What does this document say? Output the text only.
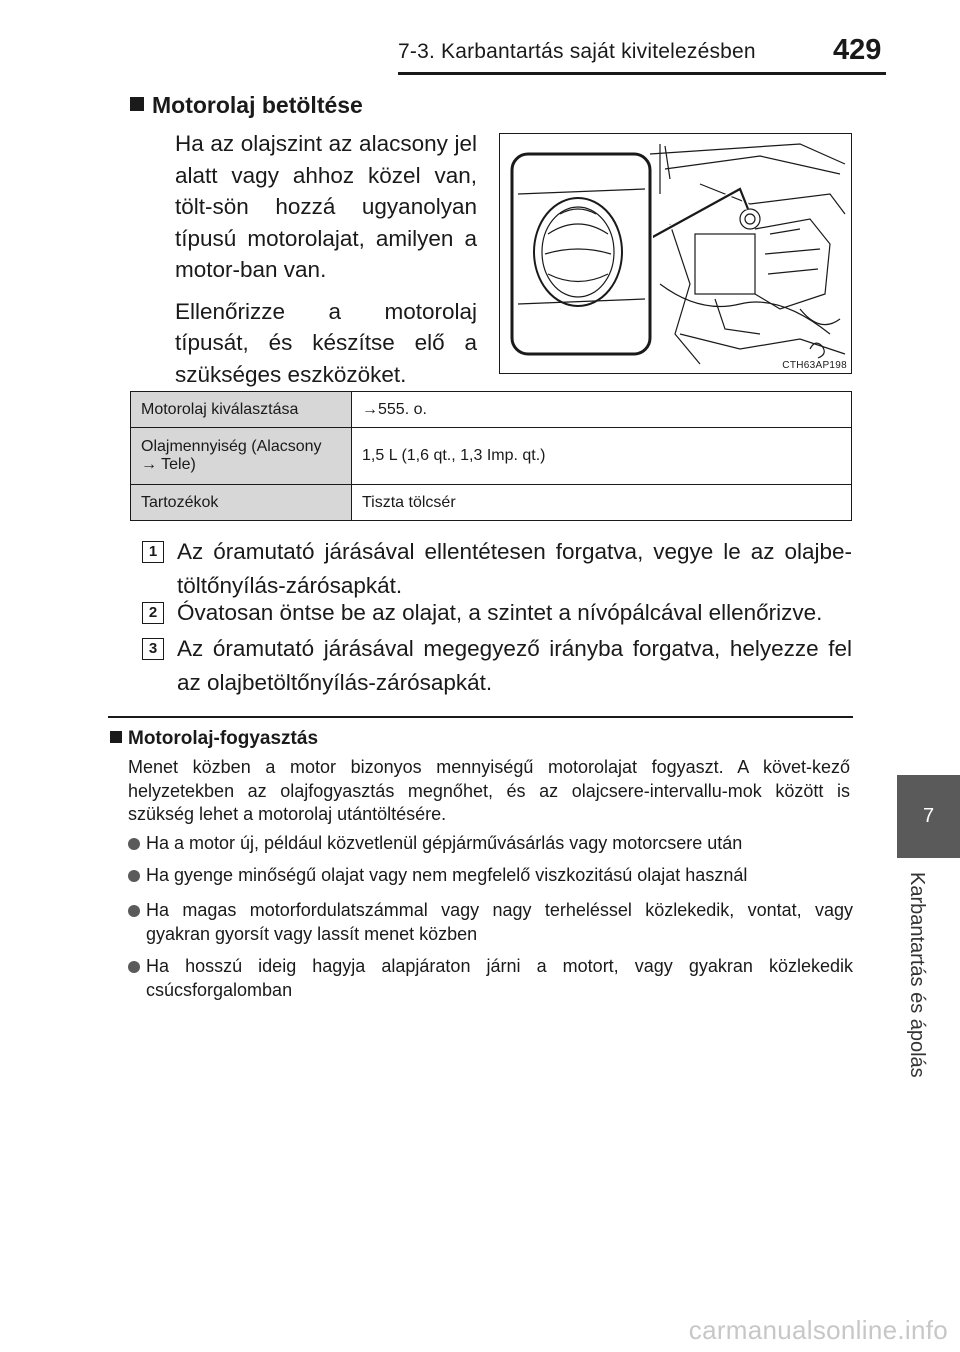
7-3. Karbantartás saját kivitelezésben	429
7
Karbantartás és ápolás
Motorolaj betöltése

Ha az olajszint az alacsony jel alatt vagy ahhoz közel van, tölt-sön hozzá ugyanolyan típusú motorolajat, amilyen a motor-ban van.

Ellenőrizze a motorolaj típusát, és készítse elő a szükséges eszközöket.	CTH63AP198
Motorolaj kiválasztása	→555. o.
Olajmennyiség (Alacsony → Tele)	1,5 L (1,6 qt., 1,3 Imp. qt.)
Tartozékok	Tiszta tölcsér
1 Az óramutató járásával ellentétesen forgatva, vegye le az olajbe-töltőnyílás-zárósapkát.
2 Óvatosan öntse be az olajat, a szintet a nívópálcával ellenőrizve.
3 Az óramutató járásával megegyező irányba forgatva, helyezze fel az olajbetöltőnyílás-zárósapkát.
Motorolaj-fogyasztás
Menet közben a motor bizonyos mennyiségű motorolajat fogyaszt. A követ-kező helyzetekben az olajfogyasztás megnőhet, és az olajcsere-intervallu-mok között is szükség lehet a motorolaj utántöltésére.
Ha a motor új, például közvetlenül gépjárművásárlás vagy motorcsere után
Ha gyenge minőségű olajat vagy nem megfelelő viszkozitású olajat használ
Ha magas motorfordulatszámmal vagy nagy terheléssel közlekedik, vontat, vagy gyakran gyorsít vagy lassít menet közben
Ha hosszú ideig hagyja alapjáraton járni a motort, vagy gyakran közlekedik csúcsforgalomban
carmanualsonline.info
